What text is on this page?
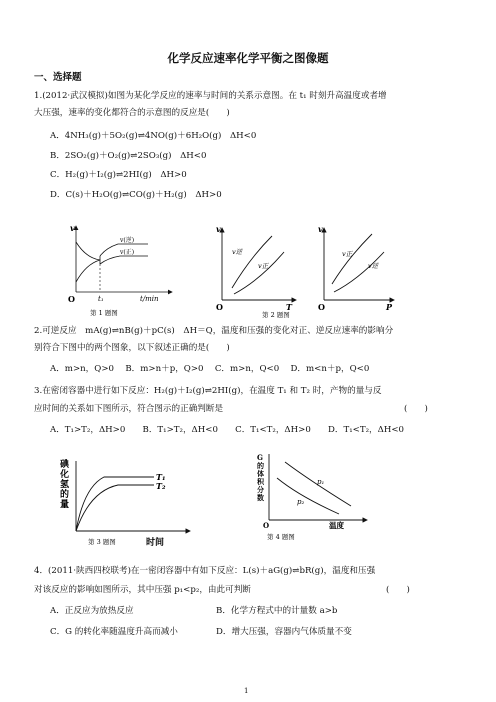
化学反应速率化学平衡之图像题
一、选择题
1.(2012·武汉模拟)如图为某化学反应的速率与时间的关系示意图。在 t₁ 时刻升高温度或者增
大压强，速率的变化都符合的示意图的反应是(　　)
A．4NH₃(g)＋5O₂(g)⇌4NO(g)＋6H₂O(g)　ΔH<0
B．2SO₂(g)＋O₂(g)⇌2SO₃(g)　ΔH<0
C．H₂(g)＋I₂(g)⇌2HI(g)　ΔH>0
D．C(s)＋H₂O(g)⇌CO(g)＋H₂(g)　ΔH>0
v
O
v(逆)
v(正)
t₁	t/min
第 1 题图
v
O	T
v逆
v正
第 2 题图
v
O	P
v正
v逆
2.可逆反应　mA(g)⇌nB(g)＋pC(s)　ΔH＝Q，温度和压强的变化对正、逆反应速率的影响分
别符合下图中的两个图象，以下叙述正确的是(　　)
A．m>n，Q>0　 B．m>n＋p，Q>0　 C．m>n，Q<0　 D．m<n＋p，Q<0
3.在密闭容器中进行如下反应：H₂(g)＋I₂(g)⇌2HI(g)，在温度 T₁ 和 T₂ 时，产物的量与反
应时间的关系如下图所示，符合图示的正确判断是	(　　)
A．T₁>T₂，ΔH>0　　B．T₁>T₂，ΔH<0　　C．T₁<T₂，ΔH>0　　D．T₁<T₂，ΔH<0
碘
化
氢
的
量
T₁
T₂
时间
第 3 题图
G
的
体
积
分
数
O
p₁
p₂
温度
第 4 题图
4．(2011·陕西四校联考)在一密闭容器中有如下反应：L(s)＋aG(g)⇌bR(g)，温度和压强
对该反应的影响如图所示，其中压强 p₁<p₂，由此可判断	(　　)
A．正反应为放热反应	B．化学方程式中的计量数 a>b
C．G 的转化率随温度升高而减小	D．增大压强，容器内气体质量不变
1
